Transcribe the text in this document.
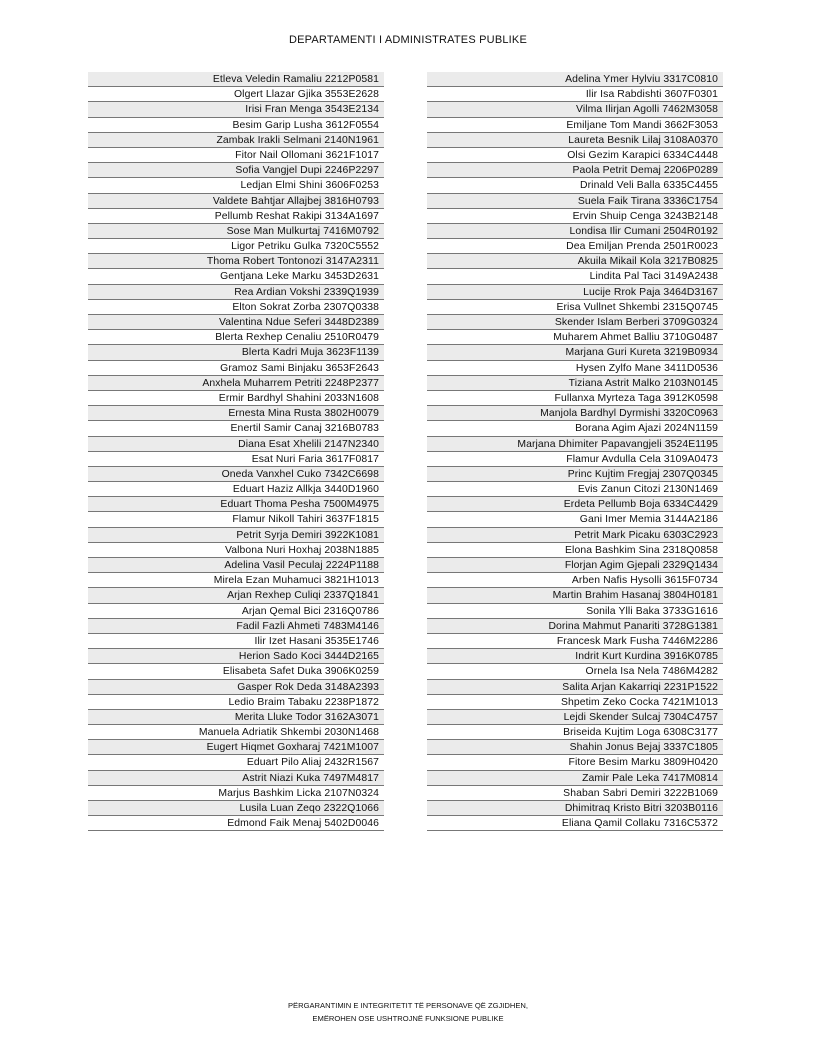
DEPARTAMENTI I ADMINISTRATES PUBLIKE
Etleva Veledin Ramaliu 2212P0581
Olgert Llazar Gjika 3553E2628
Irisi Fran Menga 3543E2134
Besim Garip Lusha 3612F0554
Zambak Irakli Selmani 2140N1961
Fitor Nail Ollomani 3621F1017
Sofia Vangjel Dupi 2246P2297
Ledjan Elmi Shini 3606F0253
Valdete Bahtjar Allajbej 3816H0793
Pellumb Reshat Rakipi 3134A1697
Sose Man Mulkurtaj 7416M0792
Ligor Petriku Gulka 7320C5552
Thoma Robert Tontonozi 3147A2311
Gentjana Leke Marku 3453D2631
Rea Ardian Vokshi 2339Q1939
Elton Sokrat Zorba 2307Q0338
Valentina Ndue Seferi 3448D2389
Blerta Rexhep Cenaliu 2510R0479
Blerta Kadri Muja 3623F1139
Gramoz Sami Binjaku 3653F2643
Anxhela Muharrem Petriti 2248P2377
Ermir Bardhyl Shahini 2033N1608
Ernesta Mina Rusta 3802H0079
Enertil Samir Canaj 3216B0783
Diana Esat Xhelili 2147N2340
Esat Nuri Faria 3617F0817
Oneda Vanxhel Cuko 7342C6698
Eduart Haziz Allkja 3440D1960
Eduart Thoma Pesha 7500M4975
Flamur Nikoll Tahiri 3637F1815
Petrit Syrja Demiri 3922K1081
Valbona Nuri Hoxhaj 2038N1885
Adelina Vasil Peculaj 2224P1188
Mirela Ezan Muhamuci 3821H1013
Arjan Rexhep Culiqi 2337Q1841
Arjan Qemal Bici 2316Q0786
Fadil Fazli Ahmeti 7483M4146
Ilir Izet Hasani 3535E1746
Herion Sado Koci 3444D2165
Elisabeta Safet Duka 3906K0259
Gasper Rok Deda 3148A2393
Ledio Braim Tabaku 2238P1872
Merita Lluke Todor 3162A3071
Manuela Adriatik Shkembi 2030N1468
Eugert Hiqmet Goxharaj 7421M1007
Eduart Pilo Aliaj 2432R1567
Astrit Niazi Kuka 7497M4817
Marjus Bashkim Licka 2107N0324
Lusila Luan Zeqo 2322Q1066
Edmond Faik Menaj 5402D0046
Adelina Ymer Hylviu 3317C0810
Ilir Isa Rabdishti 3607F0301
Vilma Ilirjan Agolli 7462M3058
Emiljane Tom Mandi 3662F3053
Laureta Besnik Lilaj 3108A0370
Olsi Gezim Karapici 6334C4448
Paola Petrit Demaj 2206P0289
Drinald Veli Balla 6335C4455
Suela Faik Tirana 3336C1754
Ervin Shuip Cenga 3243B2148
Londisa Ilir Cumani 2504R0192
Dea Emiljan Prenda 2501R0023
Akuila Mikail Kola 3217B0825
Lindita Pal Taci 3149A2438
Lucije Rrok Paja 3464D3167
Erisa Vullnet Shkembi 2315Q0745
Skender Islam Berberi 3709G0324
Muharem Ahmet Balliu 3710G0487
Marjana Guri Kureta 3219B0934
Hysen Zylfo Mane 3411D0536
Tiziana Astrit Malko 2103N0145
Fullanxa Myrteza Taga 3912K0598
Manjola Bardhyl Dyrmishi 3320C0963
Borana Agim Ajazi 2024N1159
Marjana Dhimiter Papavangjeli 3524E1195
Flamur Avdulla Cela 3109A0473
Princ Kujtim Fregjaj 2307Q0345
Evis Zanun Citozi 2130N1469
Erdeta Pellumb Boja 6334C4429
Gani Imer Memia 3144A2186
Petrit Mark Picaku 6303C2923
Elona Bashkim Sina 2318Q0858
Florjan Agim Gjepali 2329Q1434
Arben Nafis Hysolli 3615F0734
Martin Brahim Hasanaj 3804H0181
Sonila Ylli Baka 3733G1616
Dorina Mahmut Panariti 3728G1381
Francesk Mark Fusha 7446M2286
Indrit Kurt Kurdina 3916K0785
Ornela Isa Nela 7486M4282
Salita Arjan Kakarriqi 2231P1522
Shpetim Zeko Cocka 7421M1013
Lejdi Skender Sulcaj 7304C4757
Briseida Kujtim Loga 6308C3177
Shahin Jonus Bejaj 3337C1805
Fitore Besim Marku 3809H0420
Zamir Pale Leka 7417M0814
Shaban Sabri Demiri 3222B1069
Dhimitraq Kristo Bitri 3203B0116
Eliana Qamil Collaku 7316C5372
PËRGARANTIMIN E INTEGRITETIT TË PERSONAVE QË ZGJIDHEN,
EMËROHEN OSE USHTROJNË FUNKSIONE PUBLIKE
